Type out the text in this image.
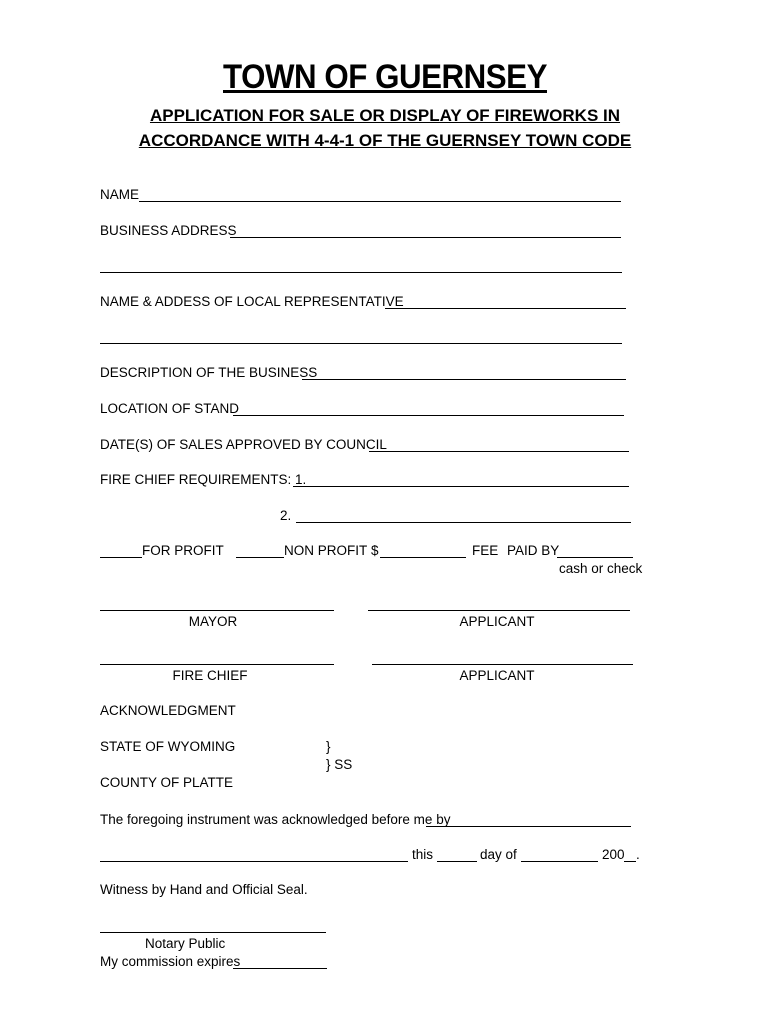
TOWN OF GUERNSEY
APPLICATION FOR SALE OR DISPLAY OF FIREWORKS IN
ACCORDANCE WITH 4-4-1 OF THE GUERNSEY TOWN CODE
NAME
BUSINESS ADDRESS
NAME & ADDESS OF LOCAL REPRESENTATIVE
DESCRIPTION OF THE BUSINESS
LOCATION OF STAND
DATE(S) OF SALES APPROVED BY COUNCIL
FIRE CHIEF REQUIREMENTS: 1.
2.
FOR PROFIT	NON PROFIT $	FEE PAID BY
cash or check
MAYOR	APPLICANT
FIRE CHIEF	APPLICANT
ACKNOWLEDGMENT
STATE OF WYOMING	}
} SS
COUNTY OF PLATTE
The foregoing instrument was acknowledged before me by
this	day of	200 .
Witness by Hand and Official Seal.
Notary Public
My commission expires
